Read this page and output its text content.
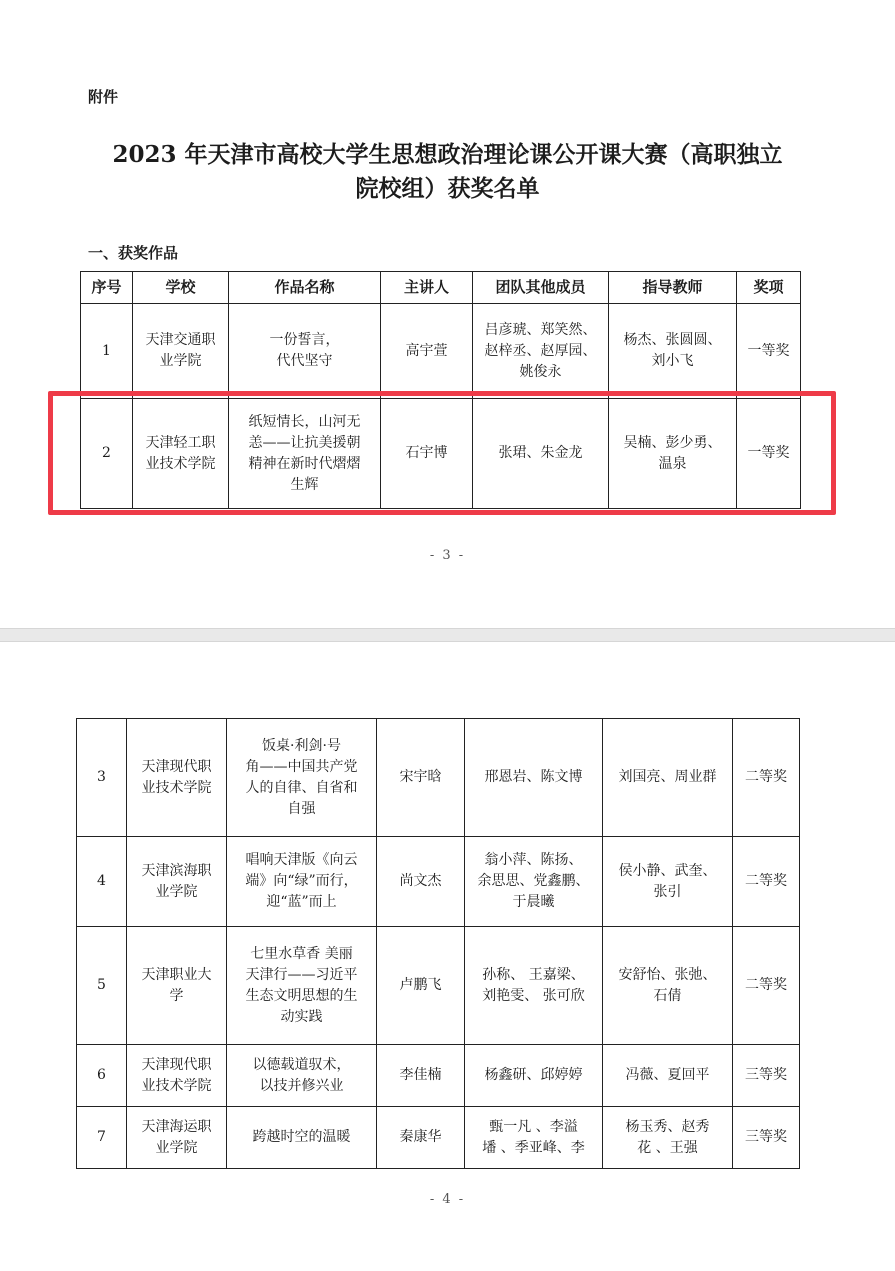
附件
2023 年天津市高校大学生思想政治理论课公开课大赛（高职独立
院校组）获奖名单
一、获奖作品
序号	学校	作品名称	主讲人	团队其他成员	指导教师	奖项
1	天津交通职
业学院	一份誓言，
代代坚守	高宇萱	吕彦琥、郑笑然、
赵梓丞、赵厚园、
姚俊永	杨杰、张圆圆、
刘小飞	一等奖
2	天津轻工职
业技术学院	纸短情长，山河无
恙——让抗美援朝
精神在新时代熠熠
生辉	石宇博	张珺、朱金龙	吴楠、彭少勇、
温泉	一等奖
- 3 -
- 4 -
3	天津现代职
业技术学院	饭桌·利剑·号
角——中国共产党
人的自律、自省和
自强	宋宇晗	邢恩岩、陈文博	刘国亮、周业群	二等奖
4	天津滨海职
业学院	唱响天津版《向云
端》向“绿”而行，
迎“蓝”而上	尚文杰	翁小萍、陈扬、
余思思、党鑫鹏、
于晨曦	侯小静、武奎、
张引	二等奖
5	天津职业大
学	七里水草香 美丽
天津行——习近平
生态文明思想的生
动实践	卢鹏飞	孙称、 王嘉梁、
刘艳雯、 张可欣	安舒怡、张弛、
石倩	二等奖
6	天津现代职
业技术学院	以德载道驭术，
以技并修兴业	李佳楠	杨鑫研、邱婷婷	冯薇、夏回平	三等奖
7	天津海运职
业学院	跨越时空的温暖	秦康华	甄一凡 、李溢
墦 、季亚峰、李	杨玉秀、赵秀
花 、王强	三等奖
